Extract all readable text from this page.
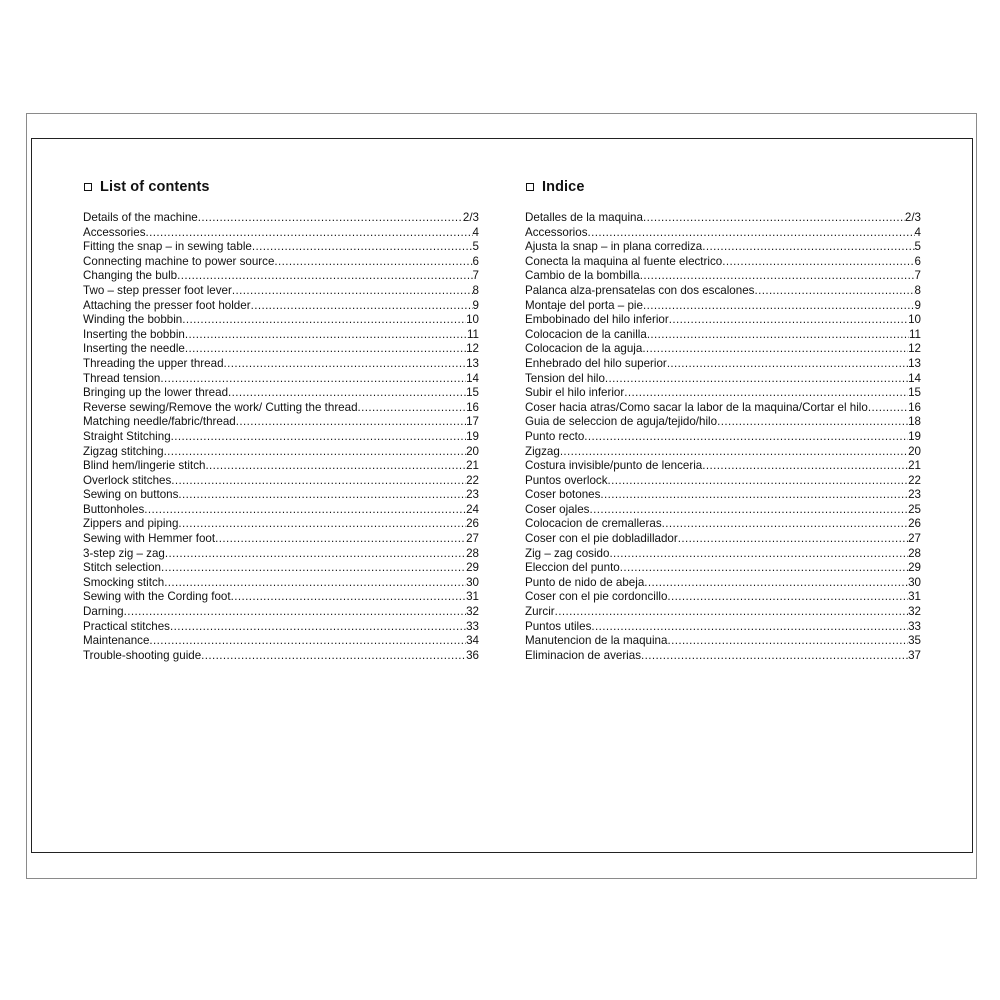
List of contents
Details of the machine .....	2/3
Accessories .....	4
Fitting the snap – in sewing table .....	5
Connecting machine to power source .....	6
Changing the bulb .....	7
Two – step presser foot lever .....	8
Attaching the presser foot holder .....	9
Winding the bobbin .....	10
Inserting the bobbin .....	11
Inserting the needle .....	12
Threading the upper thread .....	13
Thread tension .....	14
Bringing up the lower thread .....	15
Reverse sewing/Remove the work/ Cutting the thread .....	16
Matching needle/fabric/thread .....	17
Straight Stitching .....	19
Zigzag stitching .....	20
Blind hem/lingerie stitch .....	21
Overlock stitches .....	22
Sewing on buttons .....	23
Buttonholes .....	24
Zippers and piping .....	26
Sewing with Hemmer foot .....	27
3-step zig – zag .....	28
Stitch selection .....	29
Smocking stitch .....	30
Sewing with the Cording foot .....	31
Darning .....	32
Practical stitches .....	33
Maintenance .....	34
Trouble-shooting guide .....	36
Indice
Detalles de la maquina .....	2/3
Accessorios .....	4
Ajusta la snap – in plana corrediza .....	5
Conecta la maquina al fuente electrico .....	6
Cambio de la bombilla .....	7
Palanca alza-prensatelas con dos escalones .....	8
Montaje del porta – pie .....	9
Embobinado del hilo inferior .....	10
Colocacion de la canilla .....	11
Colocacion de la aguja .....	12
Enhebrado del hilo superior .....	13
Tension del hilo .....	14
Subir el hilo inferior .....	15
Coser hacia atras/Como sacar la labor de la maquina/Cortar el hilo .....	16
Guia de seleccion de aguja/tejido/hilo .....	18
Punto recto .....	19
Zigzag .....	20
Costura invisible/punto de lenceria .....	21
Puntos overlock .....	22
Coser botones .....	23
Coser ojales .....	25
Colocacion de cremalleras .....	26
Coser con el pie dobladillador .....	27
Zig – zag cosido .....	28
Eleccion del punto .....	29
Punto de nido de abeja .....	30
Coser con el pie cordoncillo .....	31
Zurcir .....	32
Puntos utiles .....	33
Manutencion de la maquina .....	35
Eliminacion de averias .....	37
